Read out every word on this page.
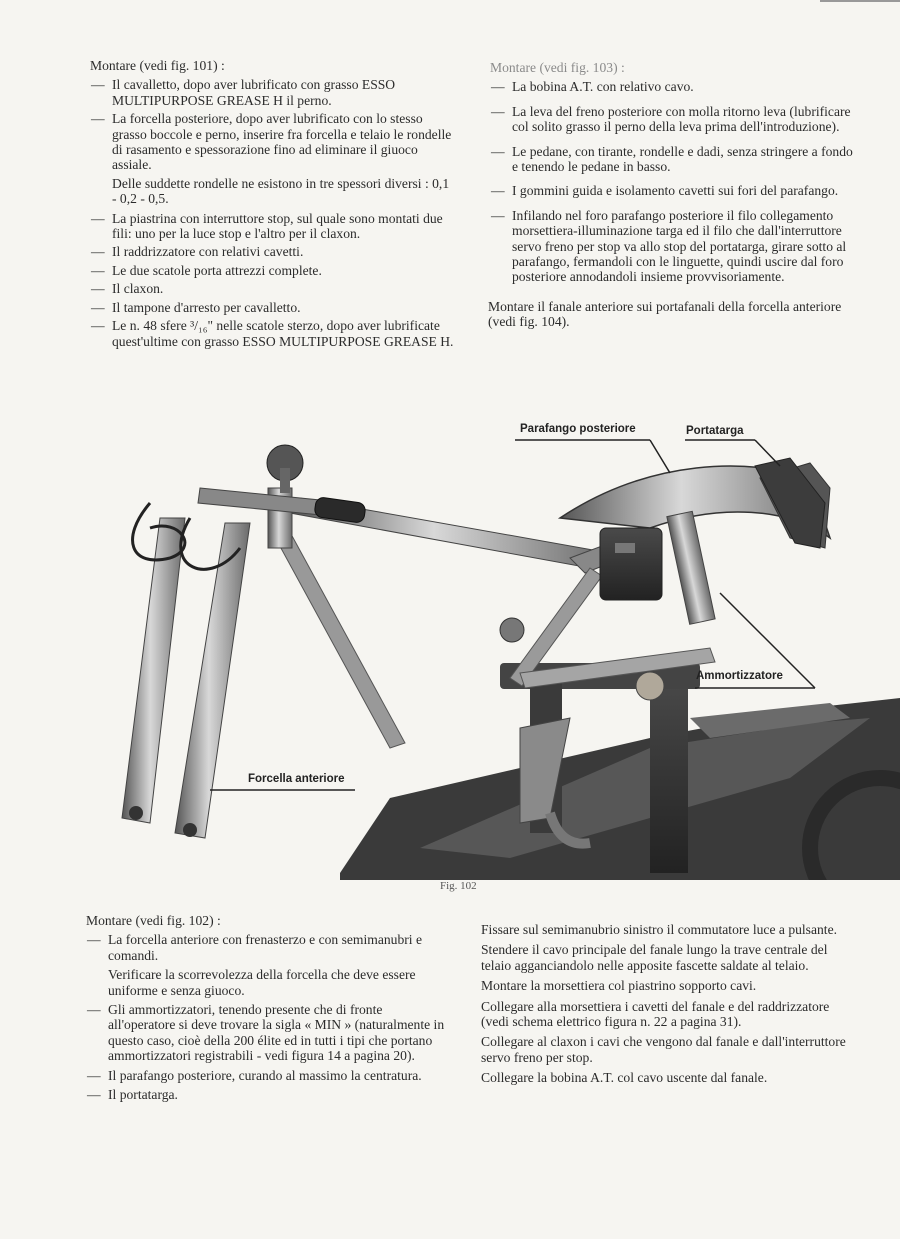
Montare (vedi fig. 101) :
— Il cavalletto, dopo aver lubrificato con grasso ESSO MULTIPURPOSE GREASE H il perno.
— La forcella posteriore, dopo aver lubrificato con lo stesso grasso boccole e perno, inserire fra forcella e telaio le rondelle di rasamento e spessorazione fino ad eliminare il giuoco assiale.
Delle suddette rondelle ne esistono in tre spessori diversi : 0,1 - 0,2 - 0,5.
— La piastrina con interruttore stop, sul quale sono montati due fili: uno per la luce stop e l'altro per il claxon.
— Il raddrizzatore con relativi cavetti.
— Le due scatole porta attrezzi complete.
— Il claxon.
— Il tampone d'arresto per cavalletto.
— Le n. 48 sfere ³/₁₆" nelle scatole sterzo, dopo aver lubrificate quest'ultime con grasso ESSO MULTIPURPOSE GREASE H.
Montare (vedi fig. 103) :
— La bobina A.T. con relativo cavo.
— La leva del freno posteriore con molla ritorno leva (lubrificare col solito grasso il perno della leva prima dell'introduzione).
— Le pedane, con tirante, rondelle e dadi, senza stringere a fondo e tenendo le pedane in basso.
— I gommini guida e isolamento cavetti sui fori del parafango.
— Infilando nel foro parafango posteriore il filo collegamento morsettiera-illuminazione targa ed il filo che dall'interruttore servo freno per stop va allo stop del portatarga, girare sotto al parafango, fermandoli con le linguette, quindi uscire dal foro posteriore annodandoli insieme provvisoriamente.
Montare il fanale anteriore sui portafanali della forcella anteriore (vedi fig. 104).
Parafango posteriore	Portatarga
Ammortizzatore
Forcella anteriore
Fig. 102
Montare (vedi fig. 102) :
— La forcella anteriore con frenasterzo e con semimanubri e comandi.
Verificare la scorrevolezza della forcella che deve essere uniforme e senza giuoco.
— Gli ammortizzatori, tenendo presente che di fronte all'operatore si deve trovare la sigla « MIN » (naturalmente in questo caso, cioè della 200 élite ed in tutti i tipi che portano ammortizzatori registrabili - vedi figura 14 a pagina 20).
— Il parafango posteriore, curando al massimo la centratura.
— Il portatarga.

Fissare sul semimanubrio sinistro il commutatore luce a pulsante.

Stendere il cavo principale del fanale lungo la trave centrale del telaio agganciandolo nelle apposite fascette saldate al telaio.

Montare la morsettiera col piastrino sopporto cavi.

Collegare alla morsettiera i cavetti del fanale e del raddrizzatore (vedi schema elettrico figura n. 22 a pagina 31).

Collegare al claxon i cavi che vengono dal fanale e dall'interruttore servo freno per stop.

Collegare la bobina A.T. col cavo uscente dal fanale.
